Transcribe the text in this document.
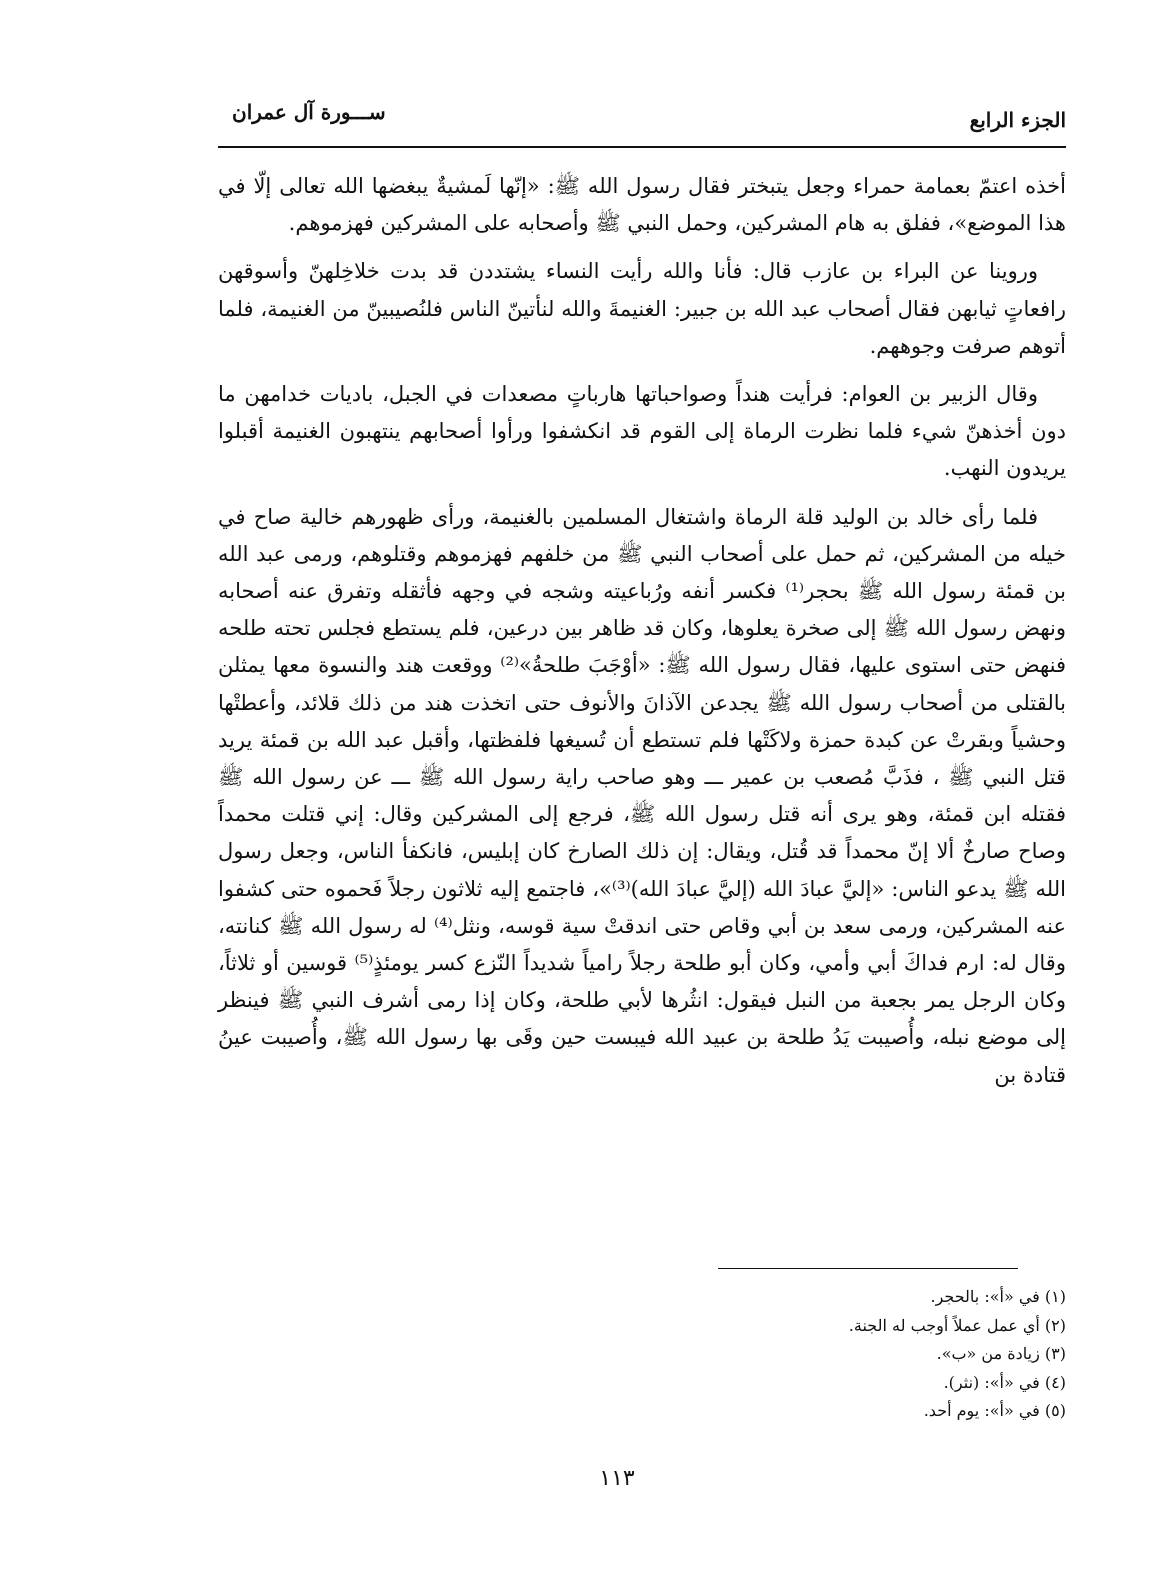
الجزء الرابع
ســـورة آل عمران

أخذه اعتمّ بعمامة حمراء وجعل يتبختر فقال رسول الله ﷺ: «إنّها لَمشيةٌ يبغضها الله تعالى إلّا في هذا الموضع»، ففلق به هام المشركين، وحمل النبي ﷺ وأصحابه على المشركين فهزموهم.

وروينا عن البراء بن عازب قال: فأنا والله رأيت النساء يشتددن قد بدت خلاخِلهنّ وأسوقهن رافعاتٍ ثيابهن فقال أصحاب عبد الله بن جبير: الغنيمةَ والله لنأتينّ الناس فلنُصيبينّ من الغنيمة، فلما أتوهم صرفت وجوههم.

وقال الزبير بن العوام: فرأيت هنداً وصواحباتها هارباتٍ مصعدات في الجبل، باديات خدامهن ما دون أخذهنّ شيء فلما نظرت الرماة إلى القوم قد انكشفوا ورأوا أصحابهم ينتهبون الغنيمة أقبلوا يريدون النهب.

فلما رأى خالد بن الوليد قلة الرماة واشتغال المسلمين بالغنيمة، ورأى ظهورهم خالية صاح في خيله من المشركين، ثم حمل على أصحاب النبي ﷺ من خلفهم فهزموهم وقتلوهم، ورمى عبد الله بن قمئة رسول الله ﷺ بحجر⁽¹⁾ فكسر أنفه ورُباعيته وشجه في وجهه فأثقله وتفرق عنه أصحابه ونهض رسول الله ﷺ إلى صخرة يعلوها، وكان قد ظاهر بين درعين، فلم يستطع فجلس تحته طلحه فنهض حتى استوى عليها، فقال رسول الله ﷺ: «أوْجَبَ طلحةُ»⁽²⁾ ووقعت هند والنسوة معها يمثلن بالقتلى من أصحاب رسول الله ﷺ يجدعن الآذانَ والأنوف حتى اتخذت هند من ذلك قلائد، وأعطتْها وحشياً وبقرتْ عن كبدة حمزة ولاكَتْها فلم تستطع أن تُسيغها فلفظتها، وأقبل عبد الله بن قمئة يريد قتل النبي ﷺ ، فذَبَّ مُصعب بن عمير ـــ وهو صاحب راية رسول الله ﷺ ـــ عن رسول الله ﷺ فقتله ابن قمئة، وهو يرى أنه قتل رسول الله ﷺ، فرجع إلى المشركين وقال: إني قتلت محمداً وصاح صارخٌ ألا إنّ محمداً قد قُتل، ويقال: إن ذلك الصارخ كان إبليس، فانكفأ الناس، وجعل رسول الله ﷺ يدعو الناس: «إليَّ عبادَ الله (إليَّ عبادَ الله)⁽³⁾»، فاجتمع إليه ثلاثون رجلاً فَحموه حتى كشفوا عنه المشركين، ورمى سعد بن أبي وقاص حتى اندقتْ سية قوسه، ونثل⁽⁴⁾ له رسول الله ﷺ كنانته، وقال له: ارم فداكَ أبي وأمي، وكان أبو طلحة رجلاً رامياً شديداً النّزع كسر يومئذٍ⁽⁵⁾ قوسين أو ثلاثاً، وكان الرجل يمر بجعبة من النبل فيقول: انثُرها لأبي طلحة، وكان إذا رمى أشرف النبي ﷺ فينظر إلى موضع نبله، وأُصيبت يَدُ طلحة بن عبيد الله فيبست حين وقَى بها رسول الله ﷺ، وأُصيبت عينُ قتادة بن

(١) في «أ»: بالحجر.
(٢) أي عمل عملاً أوجب له الجنة.
(٣) زيادة من «ب».
(٤) في «أ»: (نثر).
(٥) في «أ»: يوم أحد.
١١٣
